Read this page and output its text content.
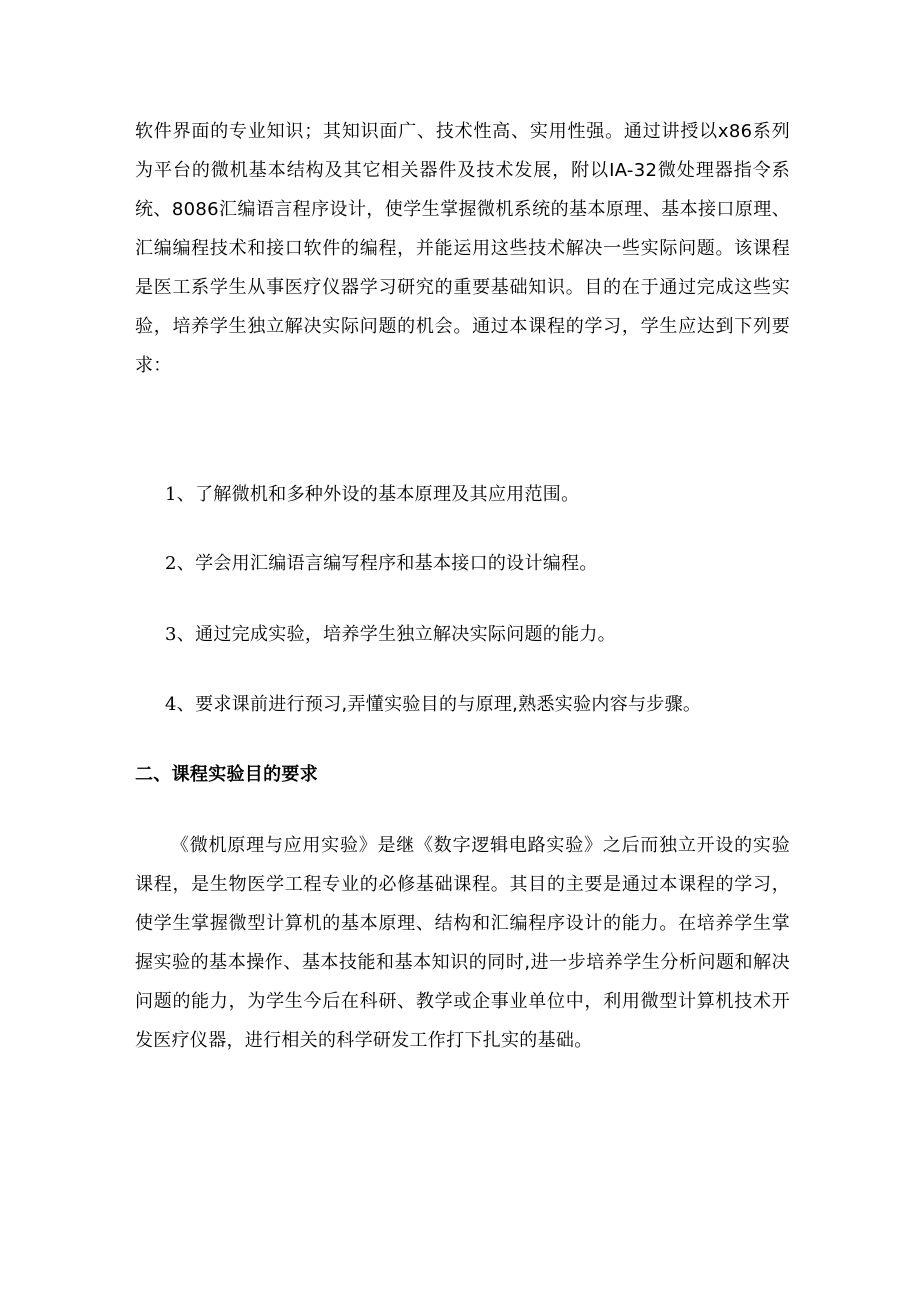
软件界面的专业知识；其知识面广、技术性高、实用性强。通过讲授以x86系列为平台的微机基本结构及其它相关器件及技术发展，附以IA-32微处理器指令系统、8086汇编语言程序设计，使学生掌握微机系统的基本原理、基本接口原理、汇编编程技术和接口软件的编程，并能运用这些技术解决一些实际问题。该课程是医工系学生从事医疗仪器学习研究的重要基础知识。目的在于通过完成这些实验，培养学生独立解决实际问题的机会。通过本课程的学习，学生应达到下列要求：

1、了解微机和多种外设的基本原理及其应用范围。

2、学会用汇编语言编写程序和基本接口的设计编程。

3、通过完成实验，培养学生独立解决实际问题的能力。

4、要求课前进行预习,弄懂实验目的与原理,熟悉实验内容与步骤。

二、课程实验目的要求

《微机原理与应用实验》是继《数字逻辑电路实验》之后而独立开设的实验课程，是生物医学工程专业的必修基础课程。其目的主要是通过本课程的学习，使学生掌握微型计算机的基本原理、结构和汇编程序设计的能力。在培养学生掌握实验的基本操作、基本技能和基本知识的同时,进一步培养学生分析问题和解决问题的能力，为学生今后在科研、教学或企事业单位中，利用微型计算机技术开发医疗仪器，进行相关的科学研发工作打下扎实的基础。
